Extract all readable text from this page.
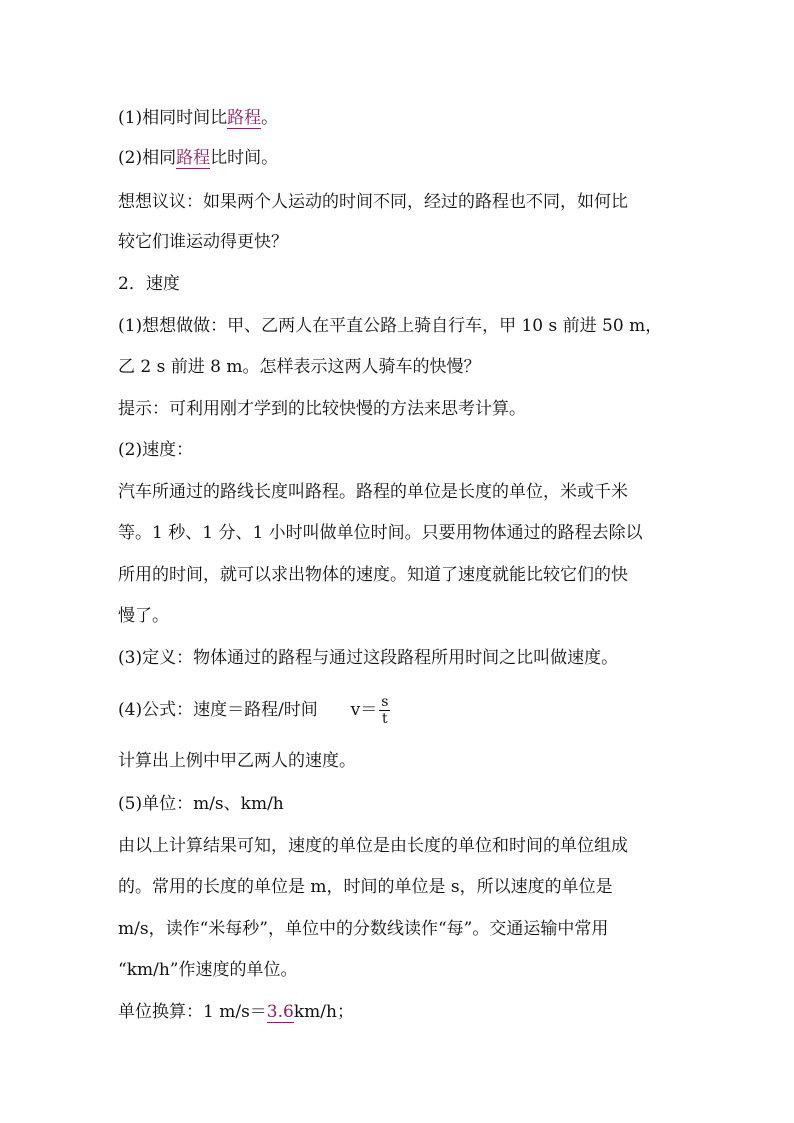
(1)相同时间比路程。
(2)相同路程比时间。
想想议议：如果两个人运动的时间不同，经过的路程也不同，如何比
较它们谁运动得更快？
2．速度
(1)想想做做：甲、乙两人在平直公路上骑自行车，甲 10 s 前进 50 m，
乙 2 s 前进 8 m。怎样表示这两人骑车的快慢？
提示：可利用刚才学到的比较快慢的方法来思考计算。
(2)速度：
汽车所通过的路线长度叫路程。路程的单位是长度的单位，米或千米
等。1 秒、1 分、1 小时叫做单位时间。只要用物体通过的路程去除以
所用的时间，就可以求出物体的速度。知道了速度就能比较它们的快
慢了。
(3)定义：物体通过的路程与通过这段路程所用时间之比叫做速度。
(4)公式：速度＝路程/时间 $v= \frac{s}{t}$
计算出上例中甲乙两人的速度。
(5)单位：m/s、km/h
由以上计算结果可知，速度的单位是由长度的单位和时间的单位组成
的。常用的长度的单位是 m，时间的单位是 s，所以速度的单位是
m/s，读作“米每秒”，单位中的分数线读作“每”。交通运输中常用
“km/h”作速度的单位。
单位换算：1 m/s＝3.6km/h；
